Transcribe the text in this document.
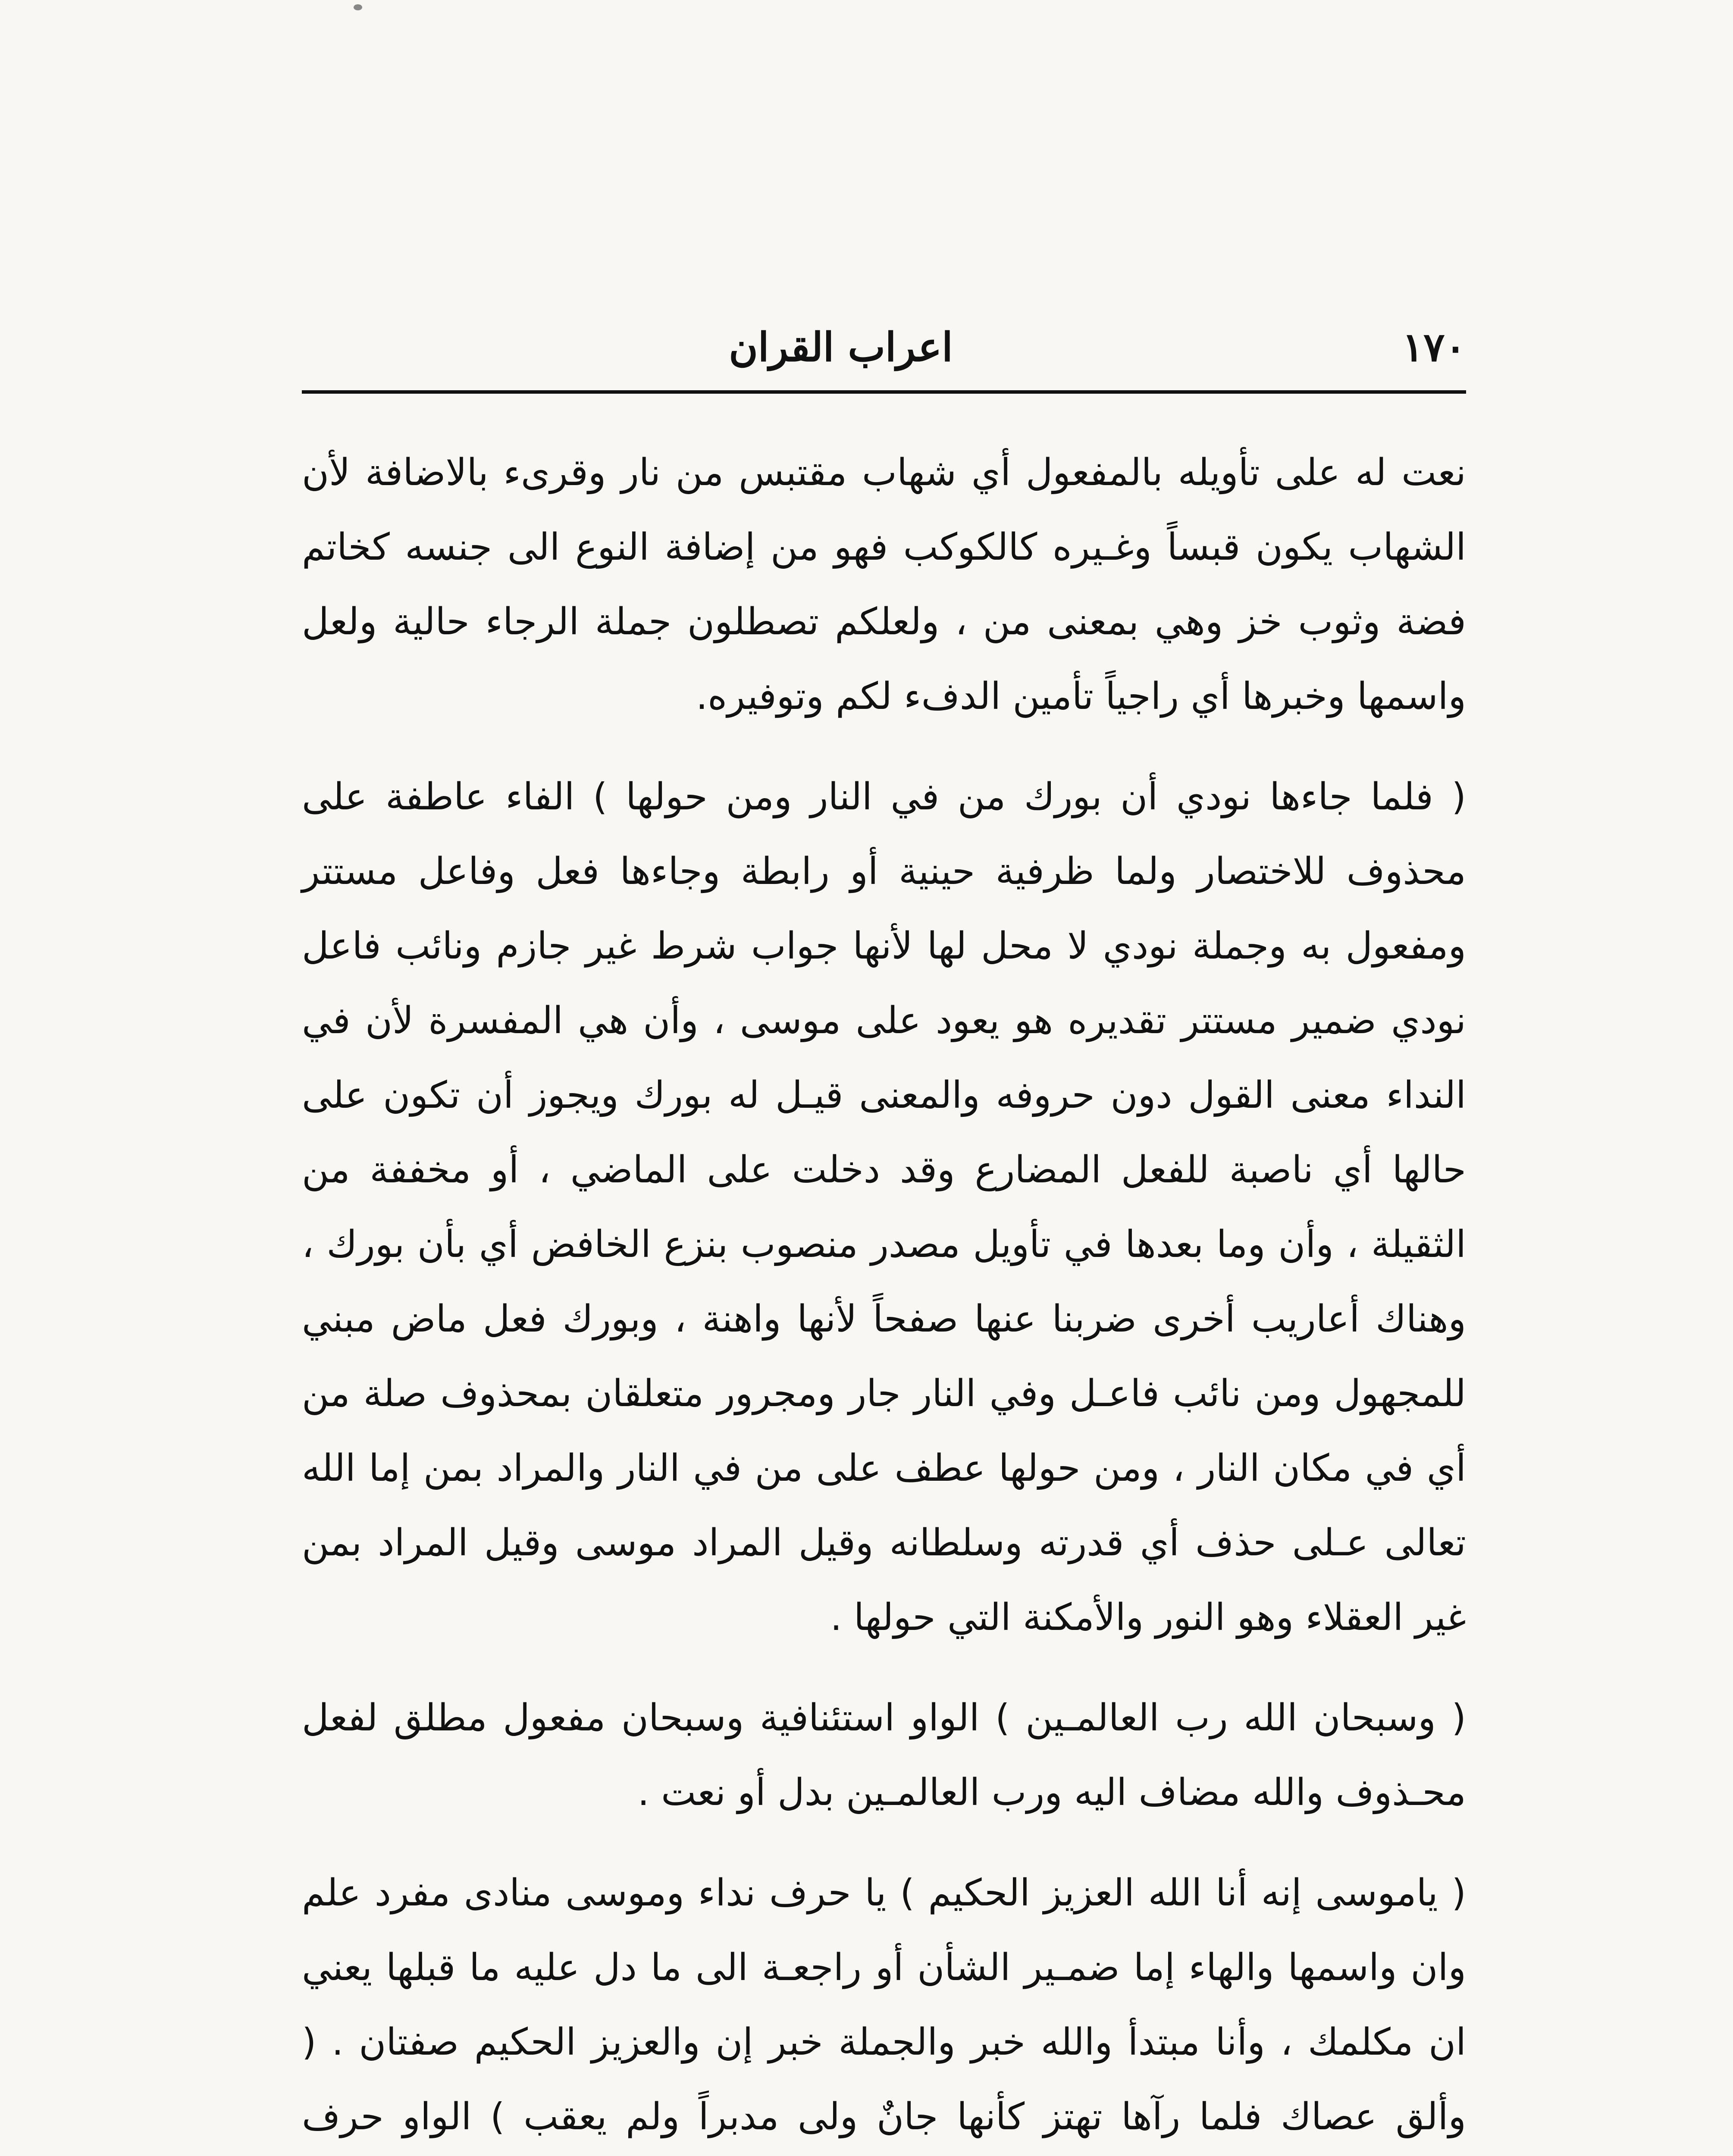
١٧٠
اعراب القران

نعت له على تأويله بالمفعول أي شهاب مقتبس من نار وقرىء بالاضافة لأن الشهاب يكون قبساً وغـيره كالكوكب فهو من إضافة النوع الى جنسه كخاتم فضة وثوب خز وهي بمعنى من ، ولعلكم تصطلون جملة الرجاء حالية ولعل واسمها وخبرها أي راجياً تأمين الدفء لكم وتوفيره.

( فلما جاءها نودي أن بورك من في النار ومن حولها ) الفاء عاطفة على محذوف للاختصار ولما ظرفية حينية أو رابطة وجاءها فعل وفاعل مستتر ومفعول به وجملة نودي لا محل لها لأنها جواب شرط غير جازم ونائب فاعل نودي ضمير مستتر تقديره هو يعود على موسى ، وأن هي المفسرة لأن في النداء معنى القول دون حروفه والمعنى قيـل له بورك ويجوز أن تكون على حالها أي ناصبة للفعل المضارع وقد دخلت على الماضي ، أو مخففة من الثقيلة ، وأن وما بعدها في تأويل مصدر منصوب بنزع الخافض أي بأن بورك ، وهناك أعاريب أخرى ضربنا عنها صفحاً لأنها واهنة ، وبورك فعل ماض مبني للمجهول ومن نائب فاعـل وفي النار جار ومجرور متعلقان بمحذوف صلة من أي في مكان النار ، ومن حولها عطف على من في النار والمراد بمن إما الله تعالى عـلى حذف أي قدرته وسلطانه وقيل المراد موسى وقيل المراد بمن غير العقلاء وهو النور والأمكنة التي حولها .

( وسبحان الله رب العالمـين ) الواو استئنافية وسبحان مفعول مطلق لفعل محـذوف والله مضاف اليه ورب العالمـين بدل أو نعت .

( ياموسى إنه أنا الله العزيز الحكيم ) يا حرف نداء وموسى منادى مفرد علم وان واسمها والهاء إما ضمـير الشأن أو راجعـة الى ما دل عليه ما قبلها يعني ان مكلمك ، وأنا مبتدأ والله خبر والجملة خبر إن والعزيز الحكيم صفتان . ( وألق عصاك فلما رآها تهتز كأنها جانٌ ولى مدبراً ولم يعقب ) الواو حرف
